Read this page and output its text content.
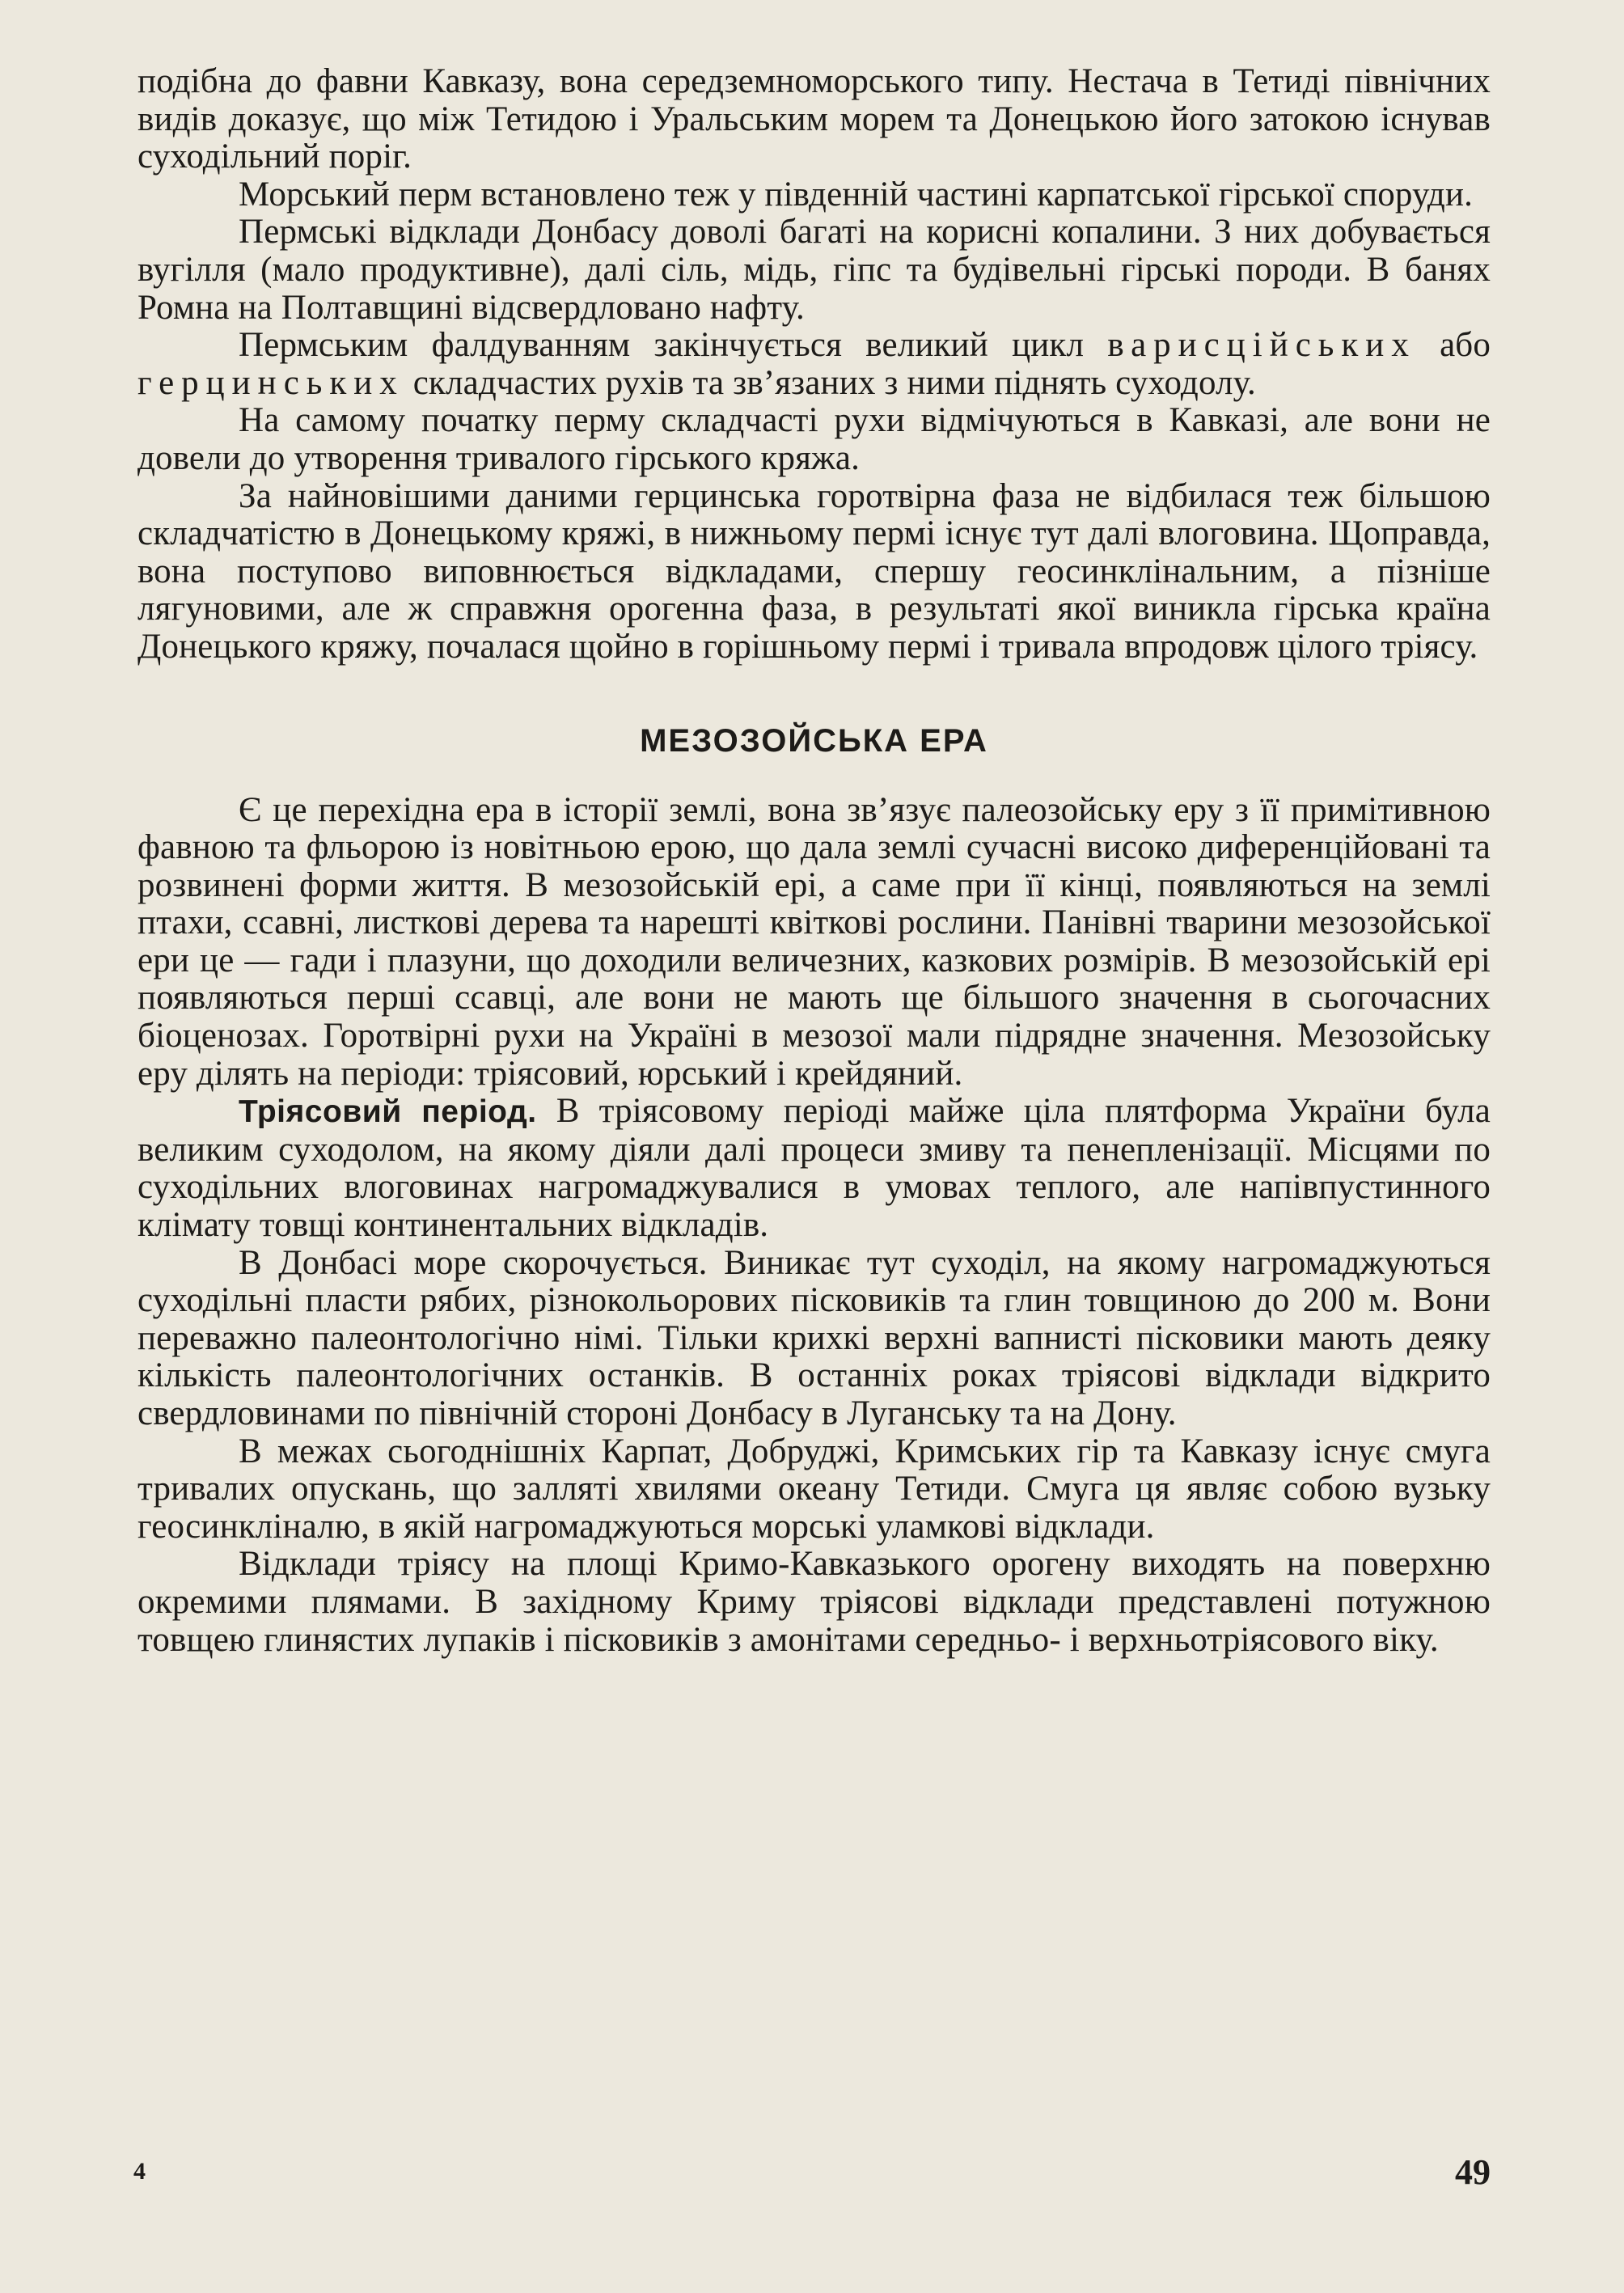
подібна до фавни Кавказу, вона середземноморського типу. Нестача в Тетиді північних видів доказує, що між Тетидою і Уральським морем та Донецькою його затокою існував суходільний поріг.

Морський перм встановлено теж у південній частині карпатської гірської споруди.

Пермські відклади Донбасу доволі багаті на корисні копалини. З них добувається вугілля (мало продуктивне), далі сіль, мідь, гіпс та будівельні гірські породи. В банях Ромна на Полтавщині відсвердловано нафту.

Пермським фалдуванням закінчується великий цикл варисційських або герцинських складчастих рухів та зв’язаних з ними піднять суходолу.

На самому початку перму складчасті рухи відмічуються в Кавказі, але вони не довели до утворення тривалого гірського кряжа.

За найновішими даними герцинська горотвірна фаза не відбилася теж більшою складчатістю в Донецькому кряжі, в нижньому пермі існує тут далі влоговина. Щоправда, вона поступово виповнюється відкладами, спершу геосинклінальним, а пізніше лягуновими, але ж справжня орогенна фаза, в результаті якої виникла гірська країна Донецького кряжу, почалася щойно в горішньому пермі і тривала впродовж цілого тріясу.

МЕЗОЗОЙСЬКА ЕРА

Є це перехідна ера в історії землі, вона зв’язує палеозойську еру з її примітивною фавною та фльорою із новітньою ерою, що дала землі сучасні високо диференційовані та розвинені форми життя. В мезозойській ері, а саме при її кінці, появляються на землі птахи, ссавні, листкові дерева та нарешті квіткові рослини. Панівні тварини мезозойської ери це — гади і плазуни, що доходили величезних, казкових розмірів. В мезозойській ері появляються перші ссавці, але вони не мають ще більшого значення в сьогочасних біоценозах. Горотвірні рухи на Україні в мезозої мали підрядне значення. Мезозойську еру ділять на періоди: тріясовий, юрський і крейдяний.

Тріясовий період. В тріясовому періоді майже ціла плятформа України була великим суходолом, на якому діяли далі процеси змиву та пенепленізації. Місцями по суходільних влоговинах нагромаджувалися в умовах теплого, але напівпустинного клімату товщі континентальних відкладів.

В Донбасі море скорочується. Виникає тут суходіл, на якому нагромаджуються суходільні пласти рябих, різнокольорових пісковиків та глин товщиною до 200 м. Вони переважно палеонтологічно німі. Тільки крихкі верхні вапнисті пісковики мають деяку кількість палеонтологічних останків. В останніх роках тріясові відклади відкрито свердловинами по північній стороні Донбасу в Луганську та на Дону.

В межах сьогоднішніх Карпат, Добруджі, Кримських гір та Кавказу існує смуга тривалих опускань, що залляті хвилями океану Тетиди. Смуга ця являє собою вузьку геосинкліналю, в якій нагромаджуються морські уламкові відклади.

Відклади тріясу на площі Кримо-Кавказького орогену виходять на поверхню окремими плямами. В західному Криму тріясові відклади представлені потужною товщею глинястих лупаків і пісковиків з амонітами середньо- і верхньотріясового віку.

4	49
